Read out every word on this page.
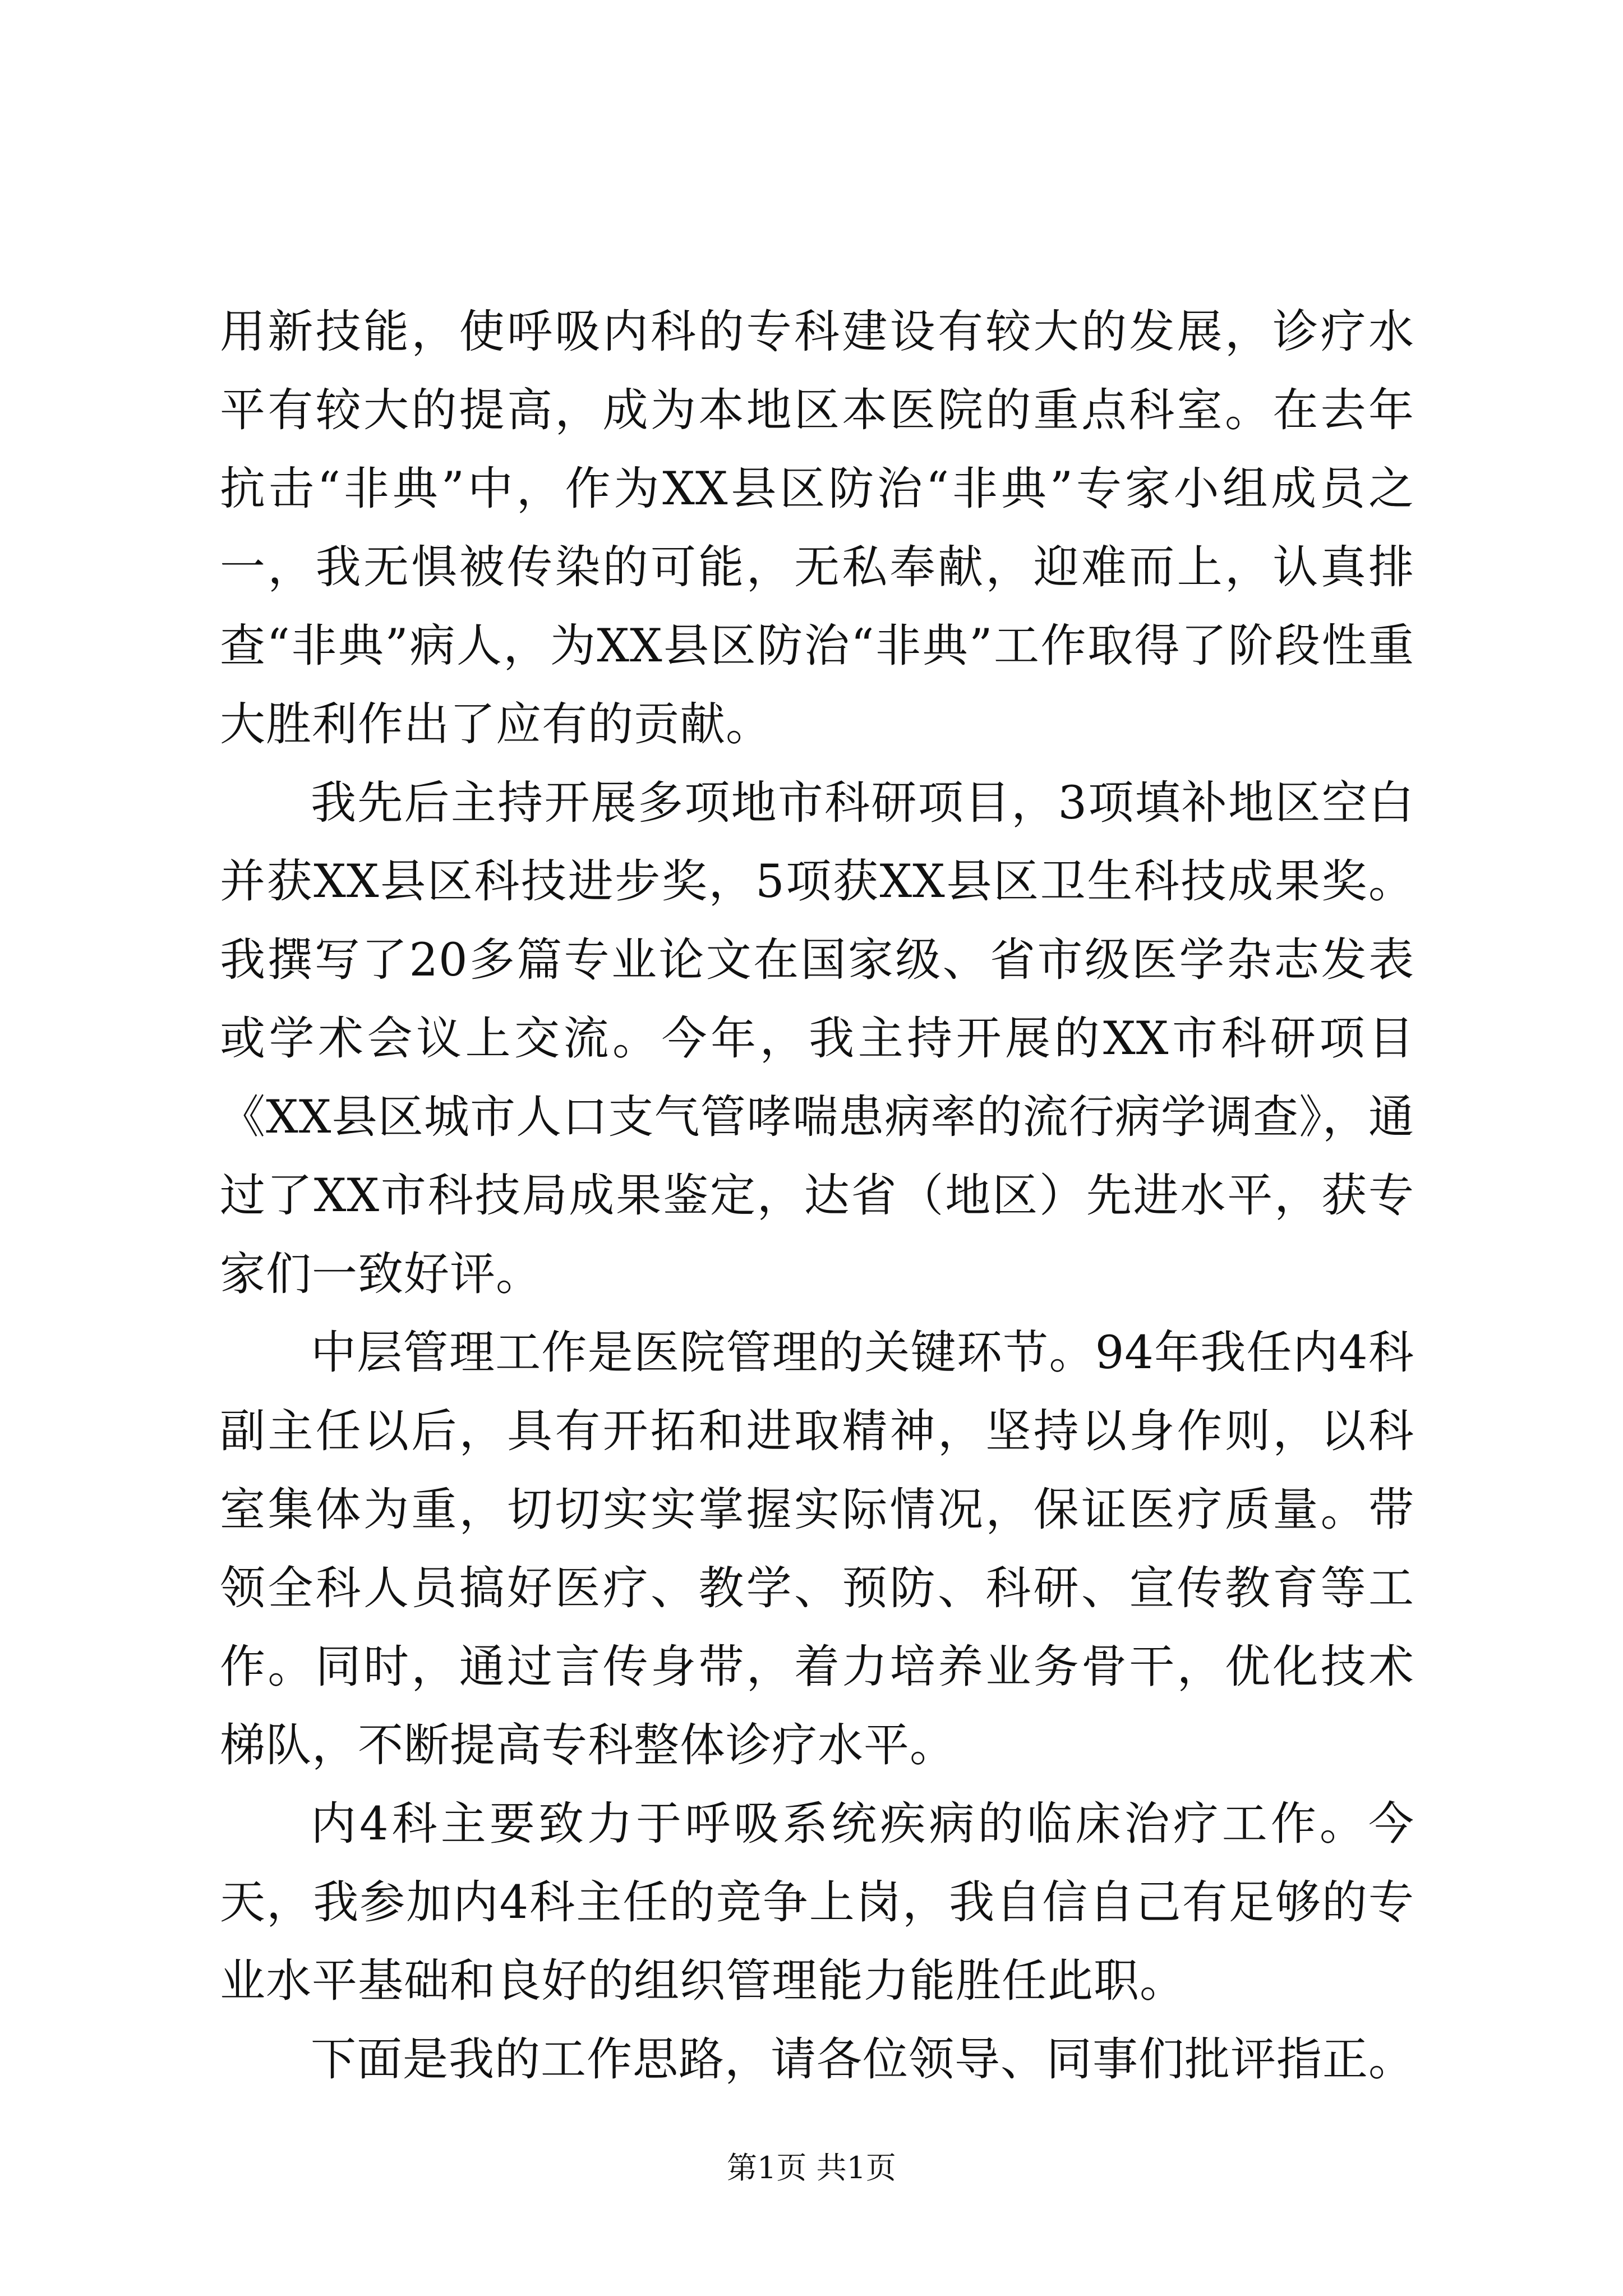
用新技能，使呼吸内科的专科建设有较大的发展，诊疗水平有较大的提高，成为本地区本医院的重点科室。在去年抗击“非典”中，作为XX县区防治“非典”专家小组成员之一，我无惧被传染的可能，无私奉献，迎难而上，认真排查“非典”病人，为XX县区防治“非典”工作取得了阶段性重大胜利作出了应有的贡献。

我先后主持开展多项地市科研项目，3项填补地区空白并获XX县区科技进步奖，5项获XX县区卫生科技成果奖。我撰写了20多篇专业论文在国家级、省市级医学杂志发表或学术会议上交流。今年，我主持开展的XX市科研项目《XX县区城市人口支气管哮喘患病率的流行病学调查》，通过了XX市科技局成果鉴定，达省（地区）先进水平，获专家们一致好评。

中层管理工作是医院管理的关键环节。94年我任内4科副主任以后，具有开拓和进取精神，坚持以身作则，以科室集体为重，切切实实掌握实际情况，保证医疗质量。带领全科人员搞好医疗、教学、预防、科研、宣传教育等工作。同时，通过言传身带，着力培养业务骨干，优化技术梯队，不断提高专科整体诊疗水平。

内4科主要致力于呼吸系统疾病的临床治疗工作。今天，我参加内4科主任的竞争上岗，我自信自己有足够的专业水平基础和良好的组织管理能力能胜任此职。

下面是我的工作思路，请各位领导、同事们批评指正。

第1页 共1页
